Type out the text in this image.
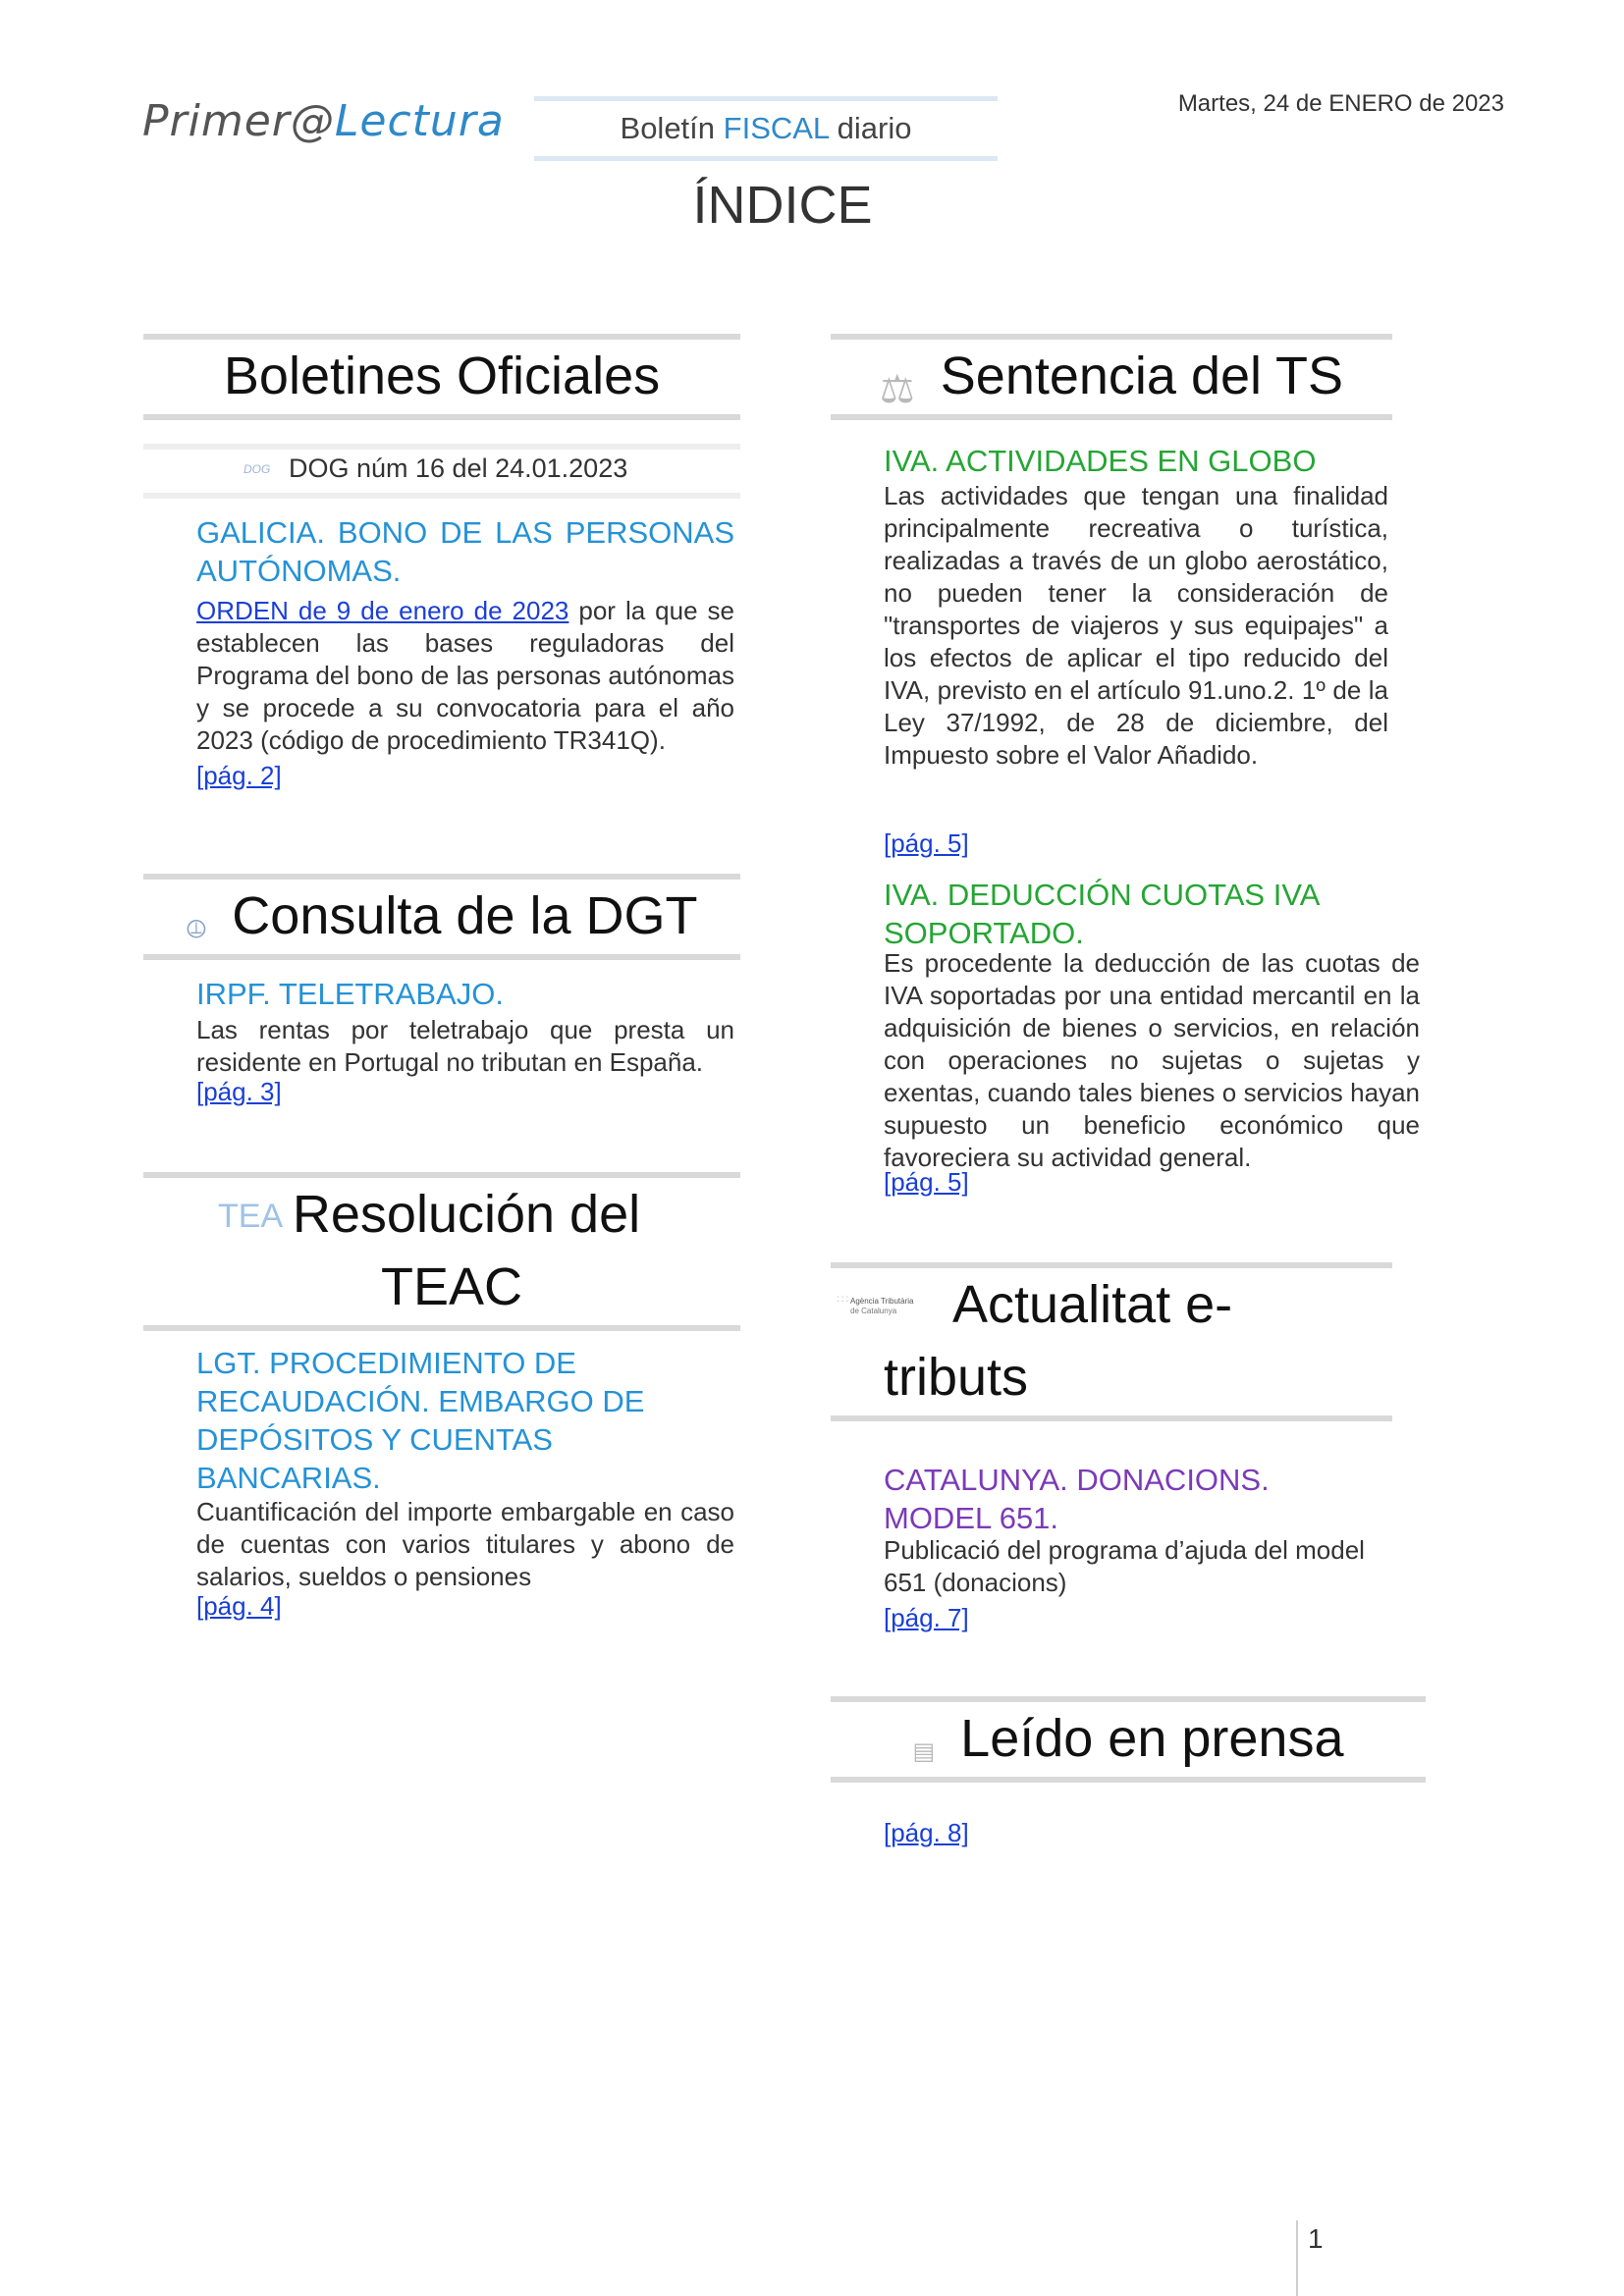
Primer@Lectura	Boletín FISCAL diario
Martes, 24 de ENERO de 2023
ÍNDICE
Boletines Oficiales
DOG DOG núm 16 del 24.01.2023
GALICIA. BONO DE LAS PERSONAS AUTÓNOMAS.
ORDEN de 9 de enero de 2023 por la que se establecen las bases reguladoras del Programa del bono de las personas autónomas y se procede a su convocatoria para el año 2023 (código de procedimiento TR341Q).
[pág. 2]
⦹ Consulta de la DGT
IRPF. TELETRABAJO.
Las rentas por teletrabajo que presta un residente en Portugal no tributan en España.
[pág. 3]
TEA Resolución del
TEAC
LGT. PROCEDIMIENTO DE RECAUDACIÓN. EMBARGO DE DEPÓSITOS Y CUENTAS BANCARIAS.
Cuantificación del importe embargable en caso de cuentas con varios titulares y abono de salarios, sueldos o pensiones
[pág. 4]
⚖ Sentencia del TS
IVA. ACTIVIDADES EN GLOBO
Las actividades que tengan una finalidad principalmente recreativa o turística, realizadas a través de un globo aerostático, no pueden tener la consideración de "transportes de viajeros y sus equipajes" a los efectos de aplicar el tipo reducido del IVA, previsto en el artículo 91.uno.2. 1º de la Ley 37/1992, de 28 de diciembre, del Impuesto sobre el Valor Añadido.
[pág. 5]
IVA. DEDUCCIÓN CUOTAS IVA SOPORTADO.
Es procedente la deducción de las cuotas de IVA soportadas por una entidad mercantil en la adquisición de bienes o servicios, en relación con operaciones no sujetas o sujetas y exentas, cuando tales bienes o servicios hayan supuesto un beneficio económico que favoreciera su actividad general.
[pág. 5]
::: Agència Tributària
de Catalunya	Actualitat e-
tributs
CATALUNYA. DONACIONS. MODEL 651.
Publicació del programa d’ajuda del model 651 (donacions)
[pág. 7]
▤ Leído en prensa
[pág. 8]
1
